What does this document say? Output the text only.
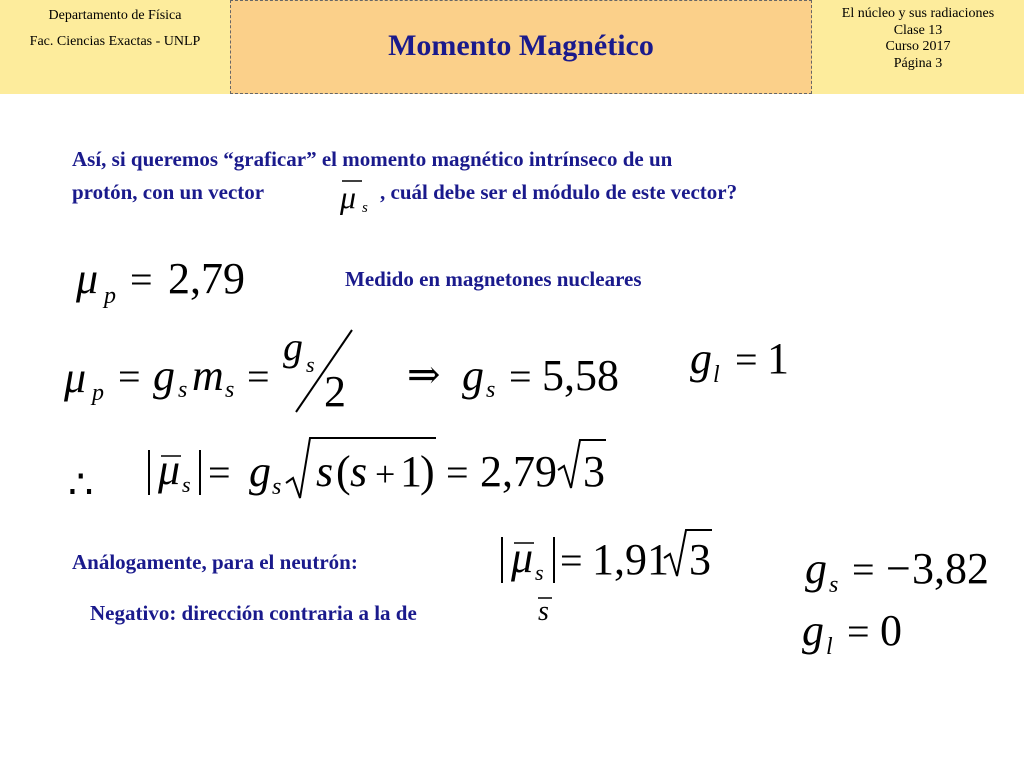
Departamento de Física
Fac. Ciencias Exactas - UNLP	Momento Magnético
El núcleo y sus radiaciones
Clase 13
Curso 2017
Página 3
Así, si queremos “graficar” el momento magnético intrínseco de un
protón, con un vector	, cuál debe ser el módulo de este vector?
Medido en magnetones nucleares
Análogamente, para el neutrón:
Negativo: dirección contraria a la de
μ s
μ p = 2,79
μ p = g s m s =
g s
2 ⇒ g s = 5,58 g l = 1
∴ μ s = g s s ( s + 1
) = 2,79 3
μ s = 1,91 3
s
g s = − 3,82
g l = 0
